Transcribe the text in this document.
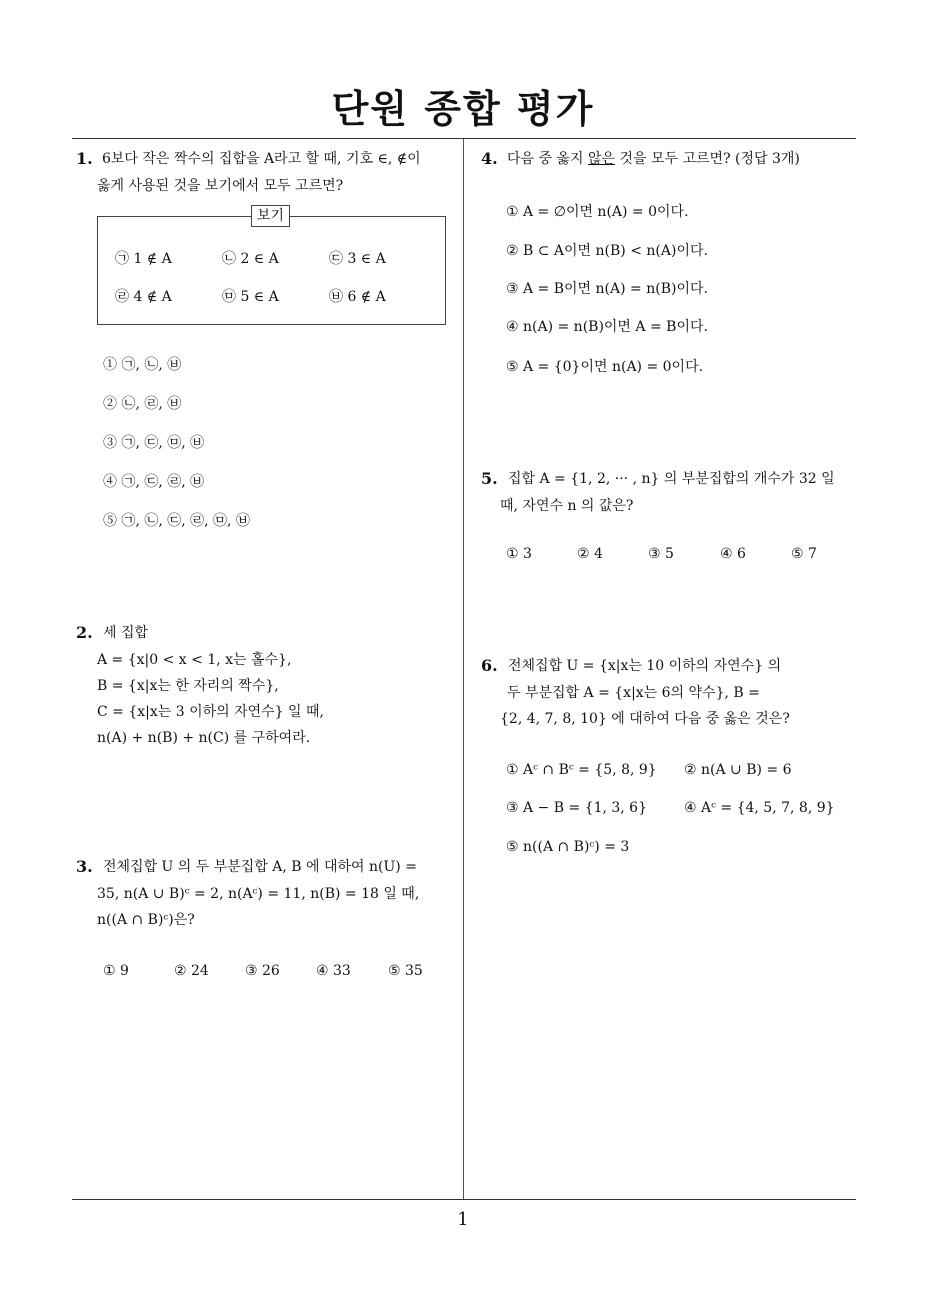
단원 종합 평가
1. 6보다 작은 짝수의 집합을 A라고 할 때, 기호 ∈, ∉이
옳게 사용된 것을 보기에서 모두 고르면?
보기
㉠ 1 ∉ A	㉡ 2 ∈ A	㉢ 3 ∈ A
㉣ 4 ∉ A	㉤ 5 ∈ A	㉥ 6 ∉ A
① ㉠, ㉡, ㉥
② ㉡, ㉣, ㉥
③ ㉠, ㉢, ㉤, ㉥
④ ㉠, ㉢, ㉣, ㉥
⑤ ㉠, ㉡, ㉢, ㉣, ㉤, ㉥
2. 세 집합
A = {x|0 < x < 1, x는 홀수},
B = {x|x는 한 자리의 짝수},
C = {x|x는 3 이하의 자연수} 일 때,
n(A) + n(B) + n(C) 를 구하여라.
3. 전체집합 U 의 두 부분집합 A, B 에 대하여 n(U) =
35, n(A ∪ B)ᶜ = 2, n(Aᶜ) = 11, n(B) = 18 일 때,
n((A ∩ B)ᶜ)은?
① 9	② 24	③ 26	④ 33	⑤ 35
4. 다음 중 옳지 않은 것을 모두 고르면? (정답 3개)
① A = ∅이면 n(A) = 0이다.
② B ⊂ A이면 n(B) < n(A)이다.
③ A = B이면 n(A) = n(B)이다.
④ n(A) = n(B)이면 A = B이다.
⑤ A = {0}이면 n(A) = 0이다.
5. 집합 A = {1, 2, ··· , n} 의 부분집합의 개수가 32 일
때, 자연수 n 의 값은?
① 3	② 4	③ 5	④ 6	⑤ 7
6. 전체집합 U = {x|x는 10 이하의 자연수} 의
두 부분집합 A = {x|x는 6의 약수}, B =
{2, 4, 7, 8, 10} 에 대하여 다음 중 옳은 것은?
① Aᶜ ∩ Bᶜ = {5, 8, 9} ② n(A ∪ B) = 6
③ A − B = {1, 3, 6}	④ Aᶜ = {4, 5, 7, 8, 9}
⑤ n((A ∩ B)ᶜ) = 3
1
